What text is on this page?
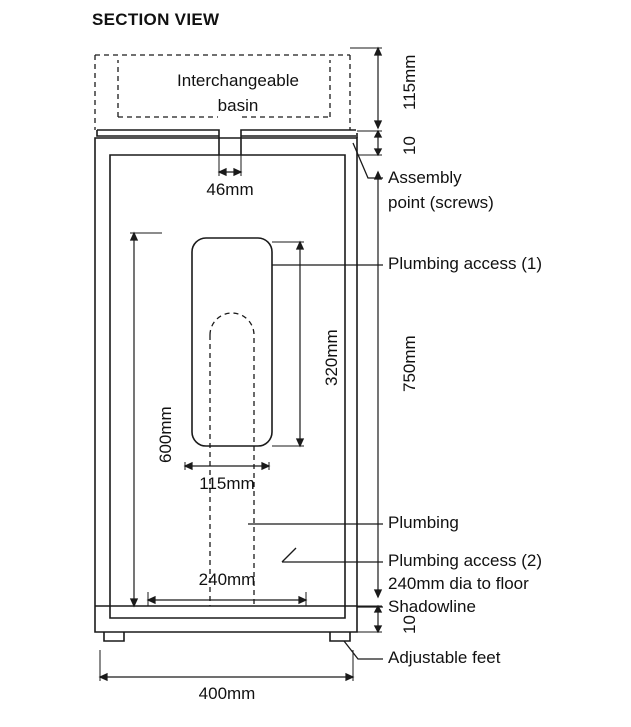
SECTION VIEW
Interchangeable
basin
Assembly
point (screws)
Plumbing access (1)
Plumbing
Plumbing access (2)
240mm dia to floor
Shadowline
Adjustable feet
115mm
10
46mm
750mm
320mm
600mm
115mm
240mm
10
400mm
